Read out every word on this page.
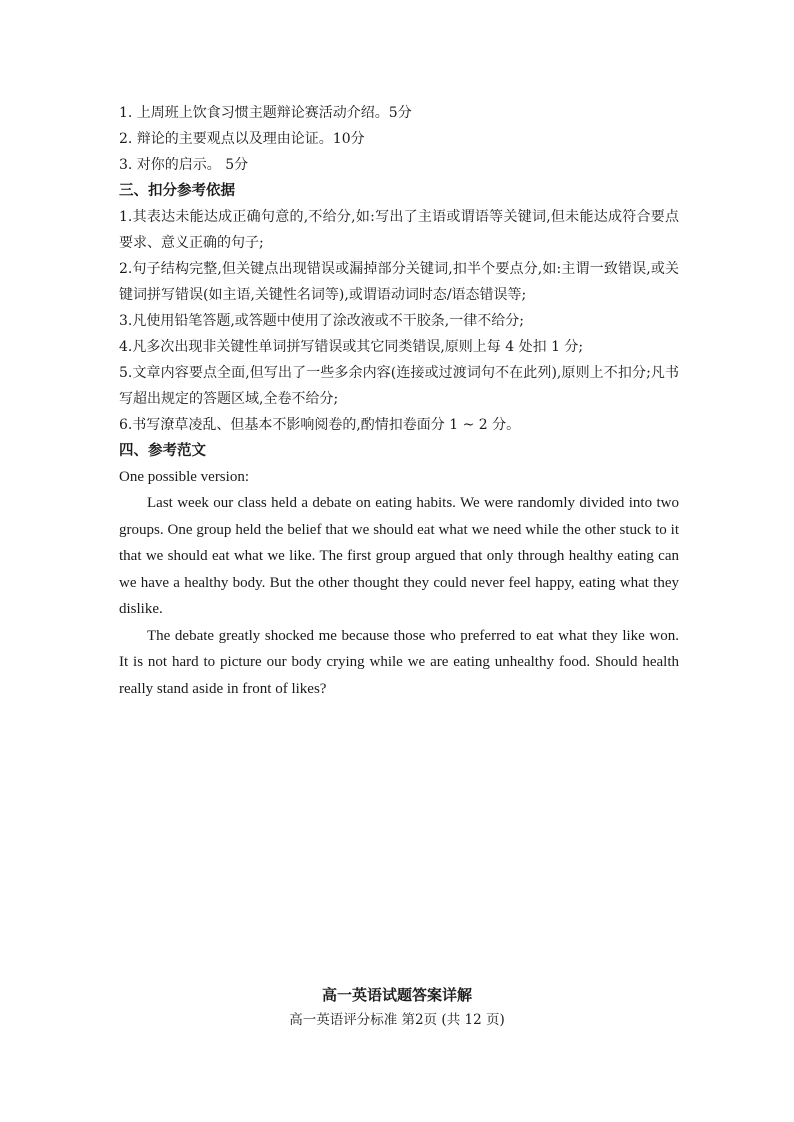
1. 上周班上饮食习惯主题辩论赛活动介绍。5分
2. 辩论的主要观点以及理由论证。10分
3. 对你的启示。 5分
三、扣分参考依据
1.其表达未能达成正确句意的,不给分,如:写出了主语或谓语等关键词,但未能达成符合要点要求、意义正确的句子;
2.句子结构完整,但关键点出现错误或漏掉部分关键词,扣半个要点分,如:主谓一致错误,或关键词拼写错误(如主语,关键性名词等),或谓语动词时态/语态错误等;
3.凡使用铅笔答题,或答题中使用了涂改液或不干胶条,一律不给分;
4.凡多次出现非关键性单词拼写错误或其它同类错误,原则上每 4 处扣 1 分;
5.文章内容要点全面,但写出了一些多余内容(连接或过渡词句不在此列),原则上不扣分;凡书写超出规定的答题区域,全卷不给分;
6.书写潦草凌乱、但基本不影响阅卷的,酌情扣卷面分 1 ~ 2 分。
四、参考范文
One possible version:
Last week our class held a debate on eating habits. We were randomly divided into two groups. One group held the belief that we should eat what we need while the other stuck to it that we should eat what we like. The first group argued that only through healthy eating can we have a healthy body. But the other thought they could never feel happy, eating what they dislike.
The debate greatly shocked me because those who preferred to eat what they like won. It is not hard to picture our body crying while we are eating unhealthy food. Should health really stand aside in front of likes?
高一英语试题答案详解
高一英语评分标准 第2页 (共 12 页)
